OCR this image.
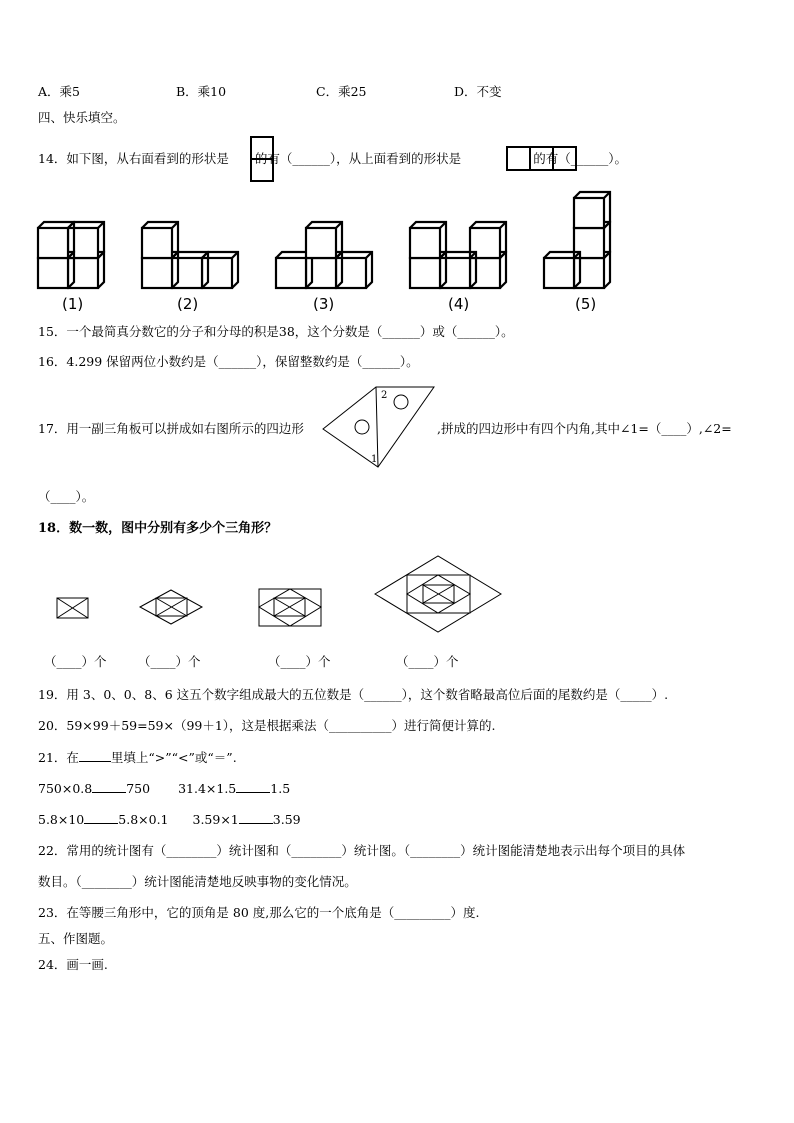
A．乘5	B．乘10	C．乘25	D．不变
四、快乐填空。
14．如下图，从右面看到的形状是 的有（______），从上面看到的形状是	的有（______）。
(1)	(2)	(3)	(4)	(5)
15．一个最简真分数它的分子和分母的积是38，这个分数是（______）或（______）。
16．4.299 保留两位小数约是（______），保留整数约是（______）。
17．用一副三角板可以拼成如右图所示的四边形
2
1
,拼成的四边形中有四个内角,其中∠1=（____）,∠2=
（____）。
18．数一数，图中分别有多少个三角形？
（____）个	（____）个	（____）个	（____）个
19．用 3、0、0、8、6 这五个数字组成最大的五位数是（______），这个数省略最高位后面的尾数约是（_____）.
20．59×99＋59=59×（99＋1），这是根据乘法（__________）进行简便计算的.
21．在	里填上“>”“<”或“＝”.
750×0.8	750 31.4×1.5	1.5
5.8×10	5.8×0.1 3.59×1	3.59
22．常用的统计图有（________）统计图和（________）统计图。（________）统计图能清楚地表示出每个项目的具体
数目。（________）统计图能清楚地反映事物的变化情况。
23．在等腰三角形中，它的顶角是 80 度,那么它的一个底角是（_________）度.
五、作图题。
24．画一画.
